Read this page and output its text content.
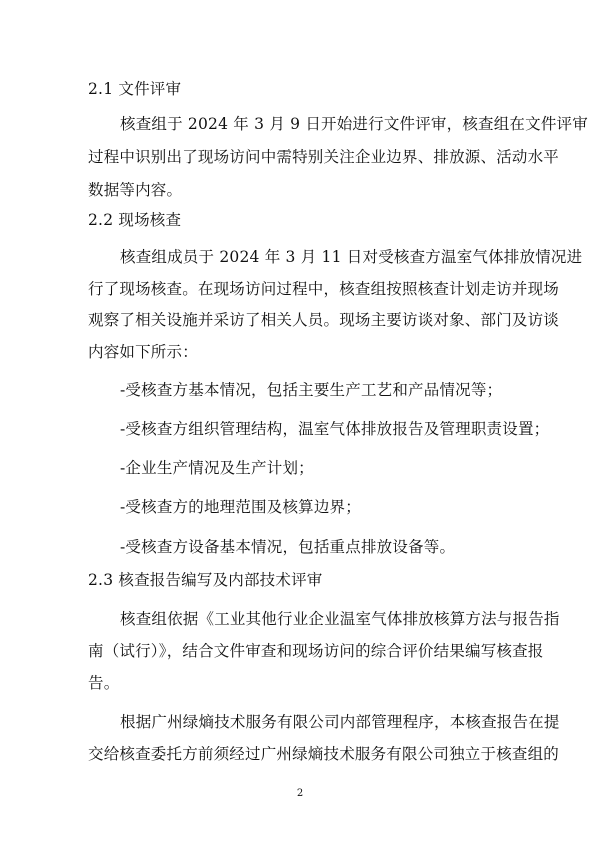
2.1 文件评审
核查组于 2024 年 3 月 9 日开始进行文件评审，核查组在文件评审
过程中识别出了现场访问中需特别关注企业边界、排放源、活动水平
数据等内容。
2.2 现场核查
核查组成员于 2024 年 3 月 11 日对受核查方温室气体排放情况进
行了现场核查。在现场访问过程中，核查组按照核查计划走访并现场
观察了相关设施并采访了相关人员。现场主要访谈对象、部门及访谈
内容如下所示：
-受核查方基本情况，包括主要生产工艺和产品情况等；
-受核查方组织管理结构，温室气体排放报告及管理职责设置；
-企业生产情况及生产计划；
-受核查方的地理范围及核算边界；
-受核查方设备基本情况，包括重点排放设备等。
2.3 核查报告编写及内部技术评审
核查组依据《工业其他行业企业温室气体排放核算方法与报告指
南（试行）》，结合文件审查和现场访问的综合评价结果编写核查报
告。
根据广州绿熵技术服务有限公司内部管理程序，本核查报告在提
交给核查委托方前须经过广州绿熵技术服务有限公司独立于核查组的
2
